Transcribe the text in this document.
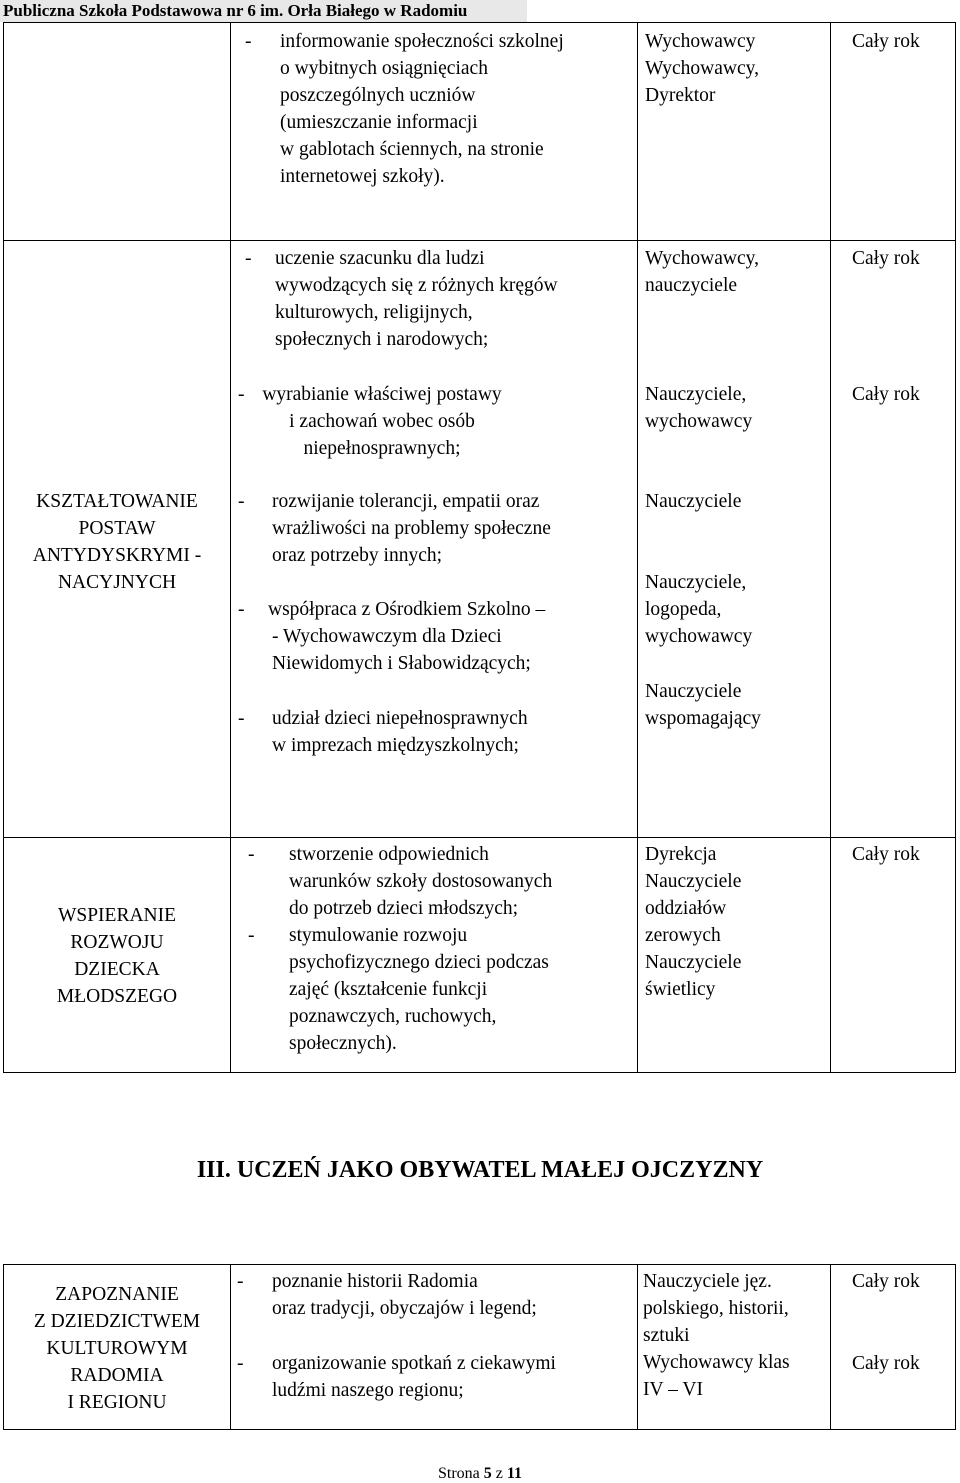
Publiczna Szkoła Podstawowa nr 6 im. Orła Białego w Radomiu
- informowanie społeczności szkolnej
o wybitnych osiągnięciach
poszczególnych uczniów
(umieszczanie informacji
w gablotach ściennych, na stronie
internetowej szkoły).
Wychowawcy
Wychowawcy,
Dyrektor
Cały rok
KSZTAŁTOWANIE
POSTAW
ANTYDYSKRYMI -
NACYJNYCH
- uczenie szacunku dla ludzi
wywodzących się z różnych kręgów
kulturowych, religijnych,
społecznych i narodowych;
Wychowawcy,
nauczyciele
Cały rok
- wyrabianie właściwej postawy
i zachowań wobec osób
niepełnosprawnych;
Nauczyciele,
wychowawcy
Cały rok
- rozwijanie tolerancji, empatii oraz
wrażliwości na problemy społeczne
oraz potrzeby innych;
Nauczyciele
- współpraca z Ośrodkiem Szkolno –
- Wychowawczym dla Dzieci
Niewidomych i Słabowidzących;
Nauczyciele,
logopeda,
wychowawcy
- udział dzieci niepełnosprawnych
w imprezach międzyszkolnych;
Nauczyciele
wspomagający
WSPIERANIE
ROZWOJU
DZIECKA
MŁODSZEGO
- stworzenie odpowiednich
warunków szkoły dostosowanych
do potrzeb dzieci młodszych;
- stymulowanie rozwoju
psychofizycznego dzieci podczas
zajęć (kształcenie funkcji
poznawczych, ruchowych,
społecznych).
Dyrekcja
Nauczyciele
oddziałów
zerowych
Nauczyciele
świetlicy
Cały rok
III. UCZEŃ JAKO OBYWATEL MAŁEJ OJCZYZNY
ZAPOZNANIE
Z DZIEDZICTWEM
KULTUROWYM
RADOMIA
I REGIONU
- poznanie historii Radomia
oraz tradycji, obyczajów i legend;
- organizowanie spotkań z ciekawymi
ludźmi naszego regionu;
Nauczyciele jęz.
polskiego, historii,
sztuki
Wychowawcy klas
IV – VI
Cały rok
Cały rok
Strona 5 z 11
